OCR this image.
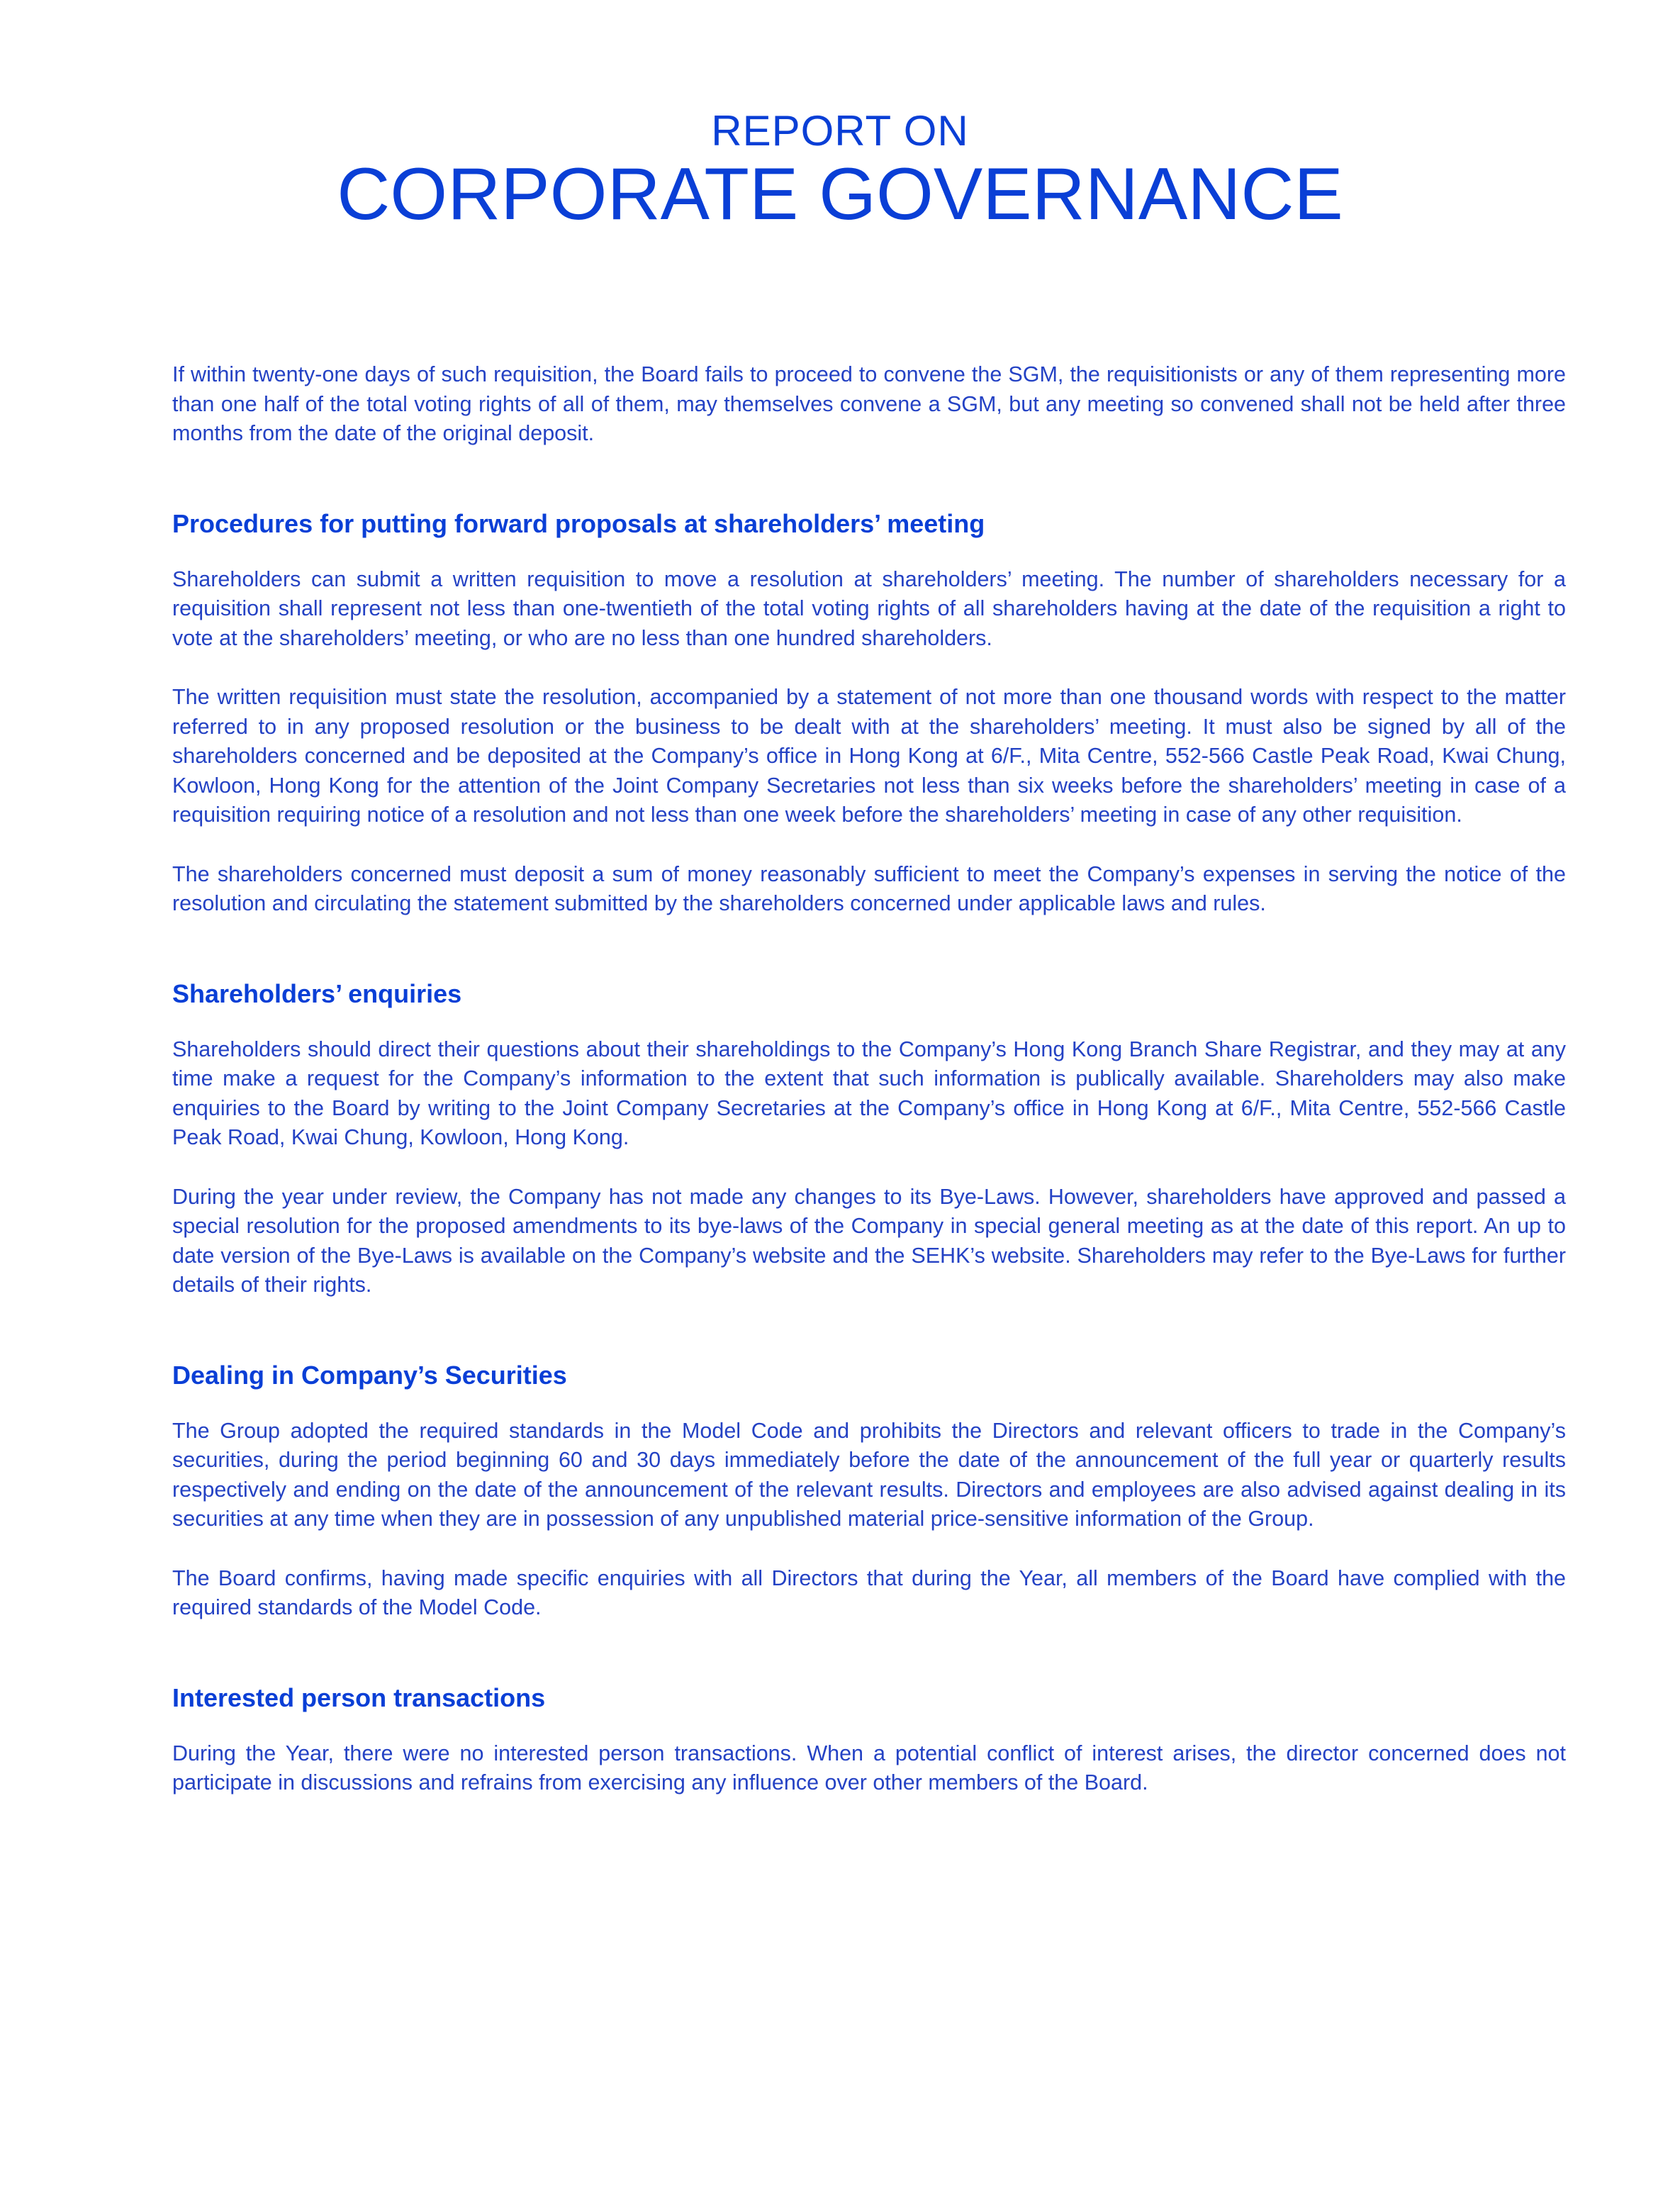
REPORT ON
CORPORATE GOVERNANCE

If within twenty-one days of such requisition, the Board fails to proceed to convene the SGM, the requisitionists or any of them representing more than one half of the total voting rights of all of them, may themselves convene a SGM, but any meeting so convened shall not be held after three months from the date of the original deposit.

Procedures for putting forward proposals at shareholders’ meeting

Shareholders can submit a written requisition to move a resolution at shareholders’ meeting. The number of shareholders necessary for a requisition shall represent not less than one-twentieth of the total voting rights of all shareholders having at the date of the requisition a right to vote at the shareholders’ meeting, or who are no less than one hundred shareholders.

The written requisition must state the resolution, accompanied by a statement of not more than one thousand words with respect to the matter referred to in any proposed resolution or the business to be dealt with at the shareholders’ meeting. It must also be signed by all of the shareholders concerned and be deposited at the Company’s office in Hong Kong at 6/F., Mita Centre, 552-566 Castle Peak Road, Kwai Chung, Kowloon, Hong Kong for the attention of the Joint Company Secretaries not less than six weeks before the shareholders’ meeting in case of a requisition requiring notice of a resolution and not less than one week before the shareholders’ meeting in case of any other requisition.

The shareholders concerned must deposit a sum of money reasonably sufficient to meet the Company’s expenses in serving the notice of the resolution and circulating the statement submitted by the shareholders concerned under applicable laws and rules.

Shareholders’ enquiries

Shareholders should direct their questions about their shareholdings to the Company’s Hong Kong Branch Share Registrar, and they may at any time make a request for the Company’s information to the extent that such information is publically available. Shareholders may also make enquiries to the Board by writing to the Joint Company Secretaries at the Company’s office in Hong Kong at 6/F., Mita Centre, 552-566 Castle Peak Road, Kwai Chung, Kowloon, Hong Kong.

During the year under review, the Company has not made any changes to its Bye-Laws. However, shareholders have approved and passed a special resolution for the proposed amendments to its bye-laws of the Company in special general meeting as at the date of this report. An up to date version of the Bye-Laws is available on the Company’s website and the SEHK’s website. Shareholders may refer to the Bye-Laws for further details of their rights.

Dealing in Company’s Securities

The Group adopted the required standards in the Model Code and prohibits the Directors and relevant officers to trade in the Company’s securities, during the period beginning 60 and 30 days immediately before the date of the announcement of the full year or quarterly results respectively and ending on the date of the announcement of the relevant results. Directors and employees are also advised against dealing in its securities at any time when they are in possession of any unpublished material price-sensitive information of the Group.

The Board confirms, having made specific enquiries with all Directors that during the Year, all members of the Board have complied with the required standards of the Model Code.

Interested person transactions

During the Year, there were no interested person transactions. When a potential conflict of interest arises, the director concerned does not participate in discussions and refrains from exercising any influence over other members of the Board.
